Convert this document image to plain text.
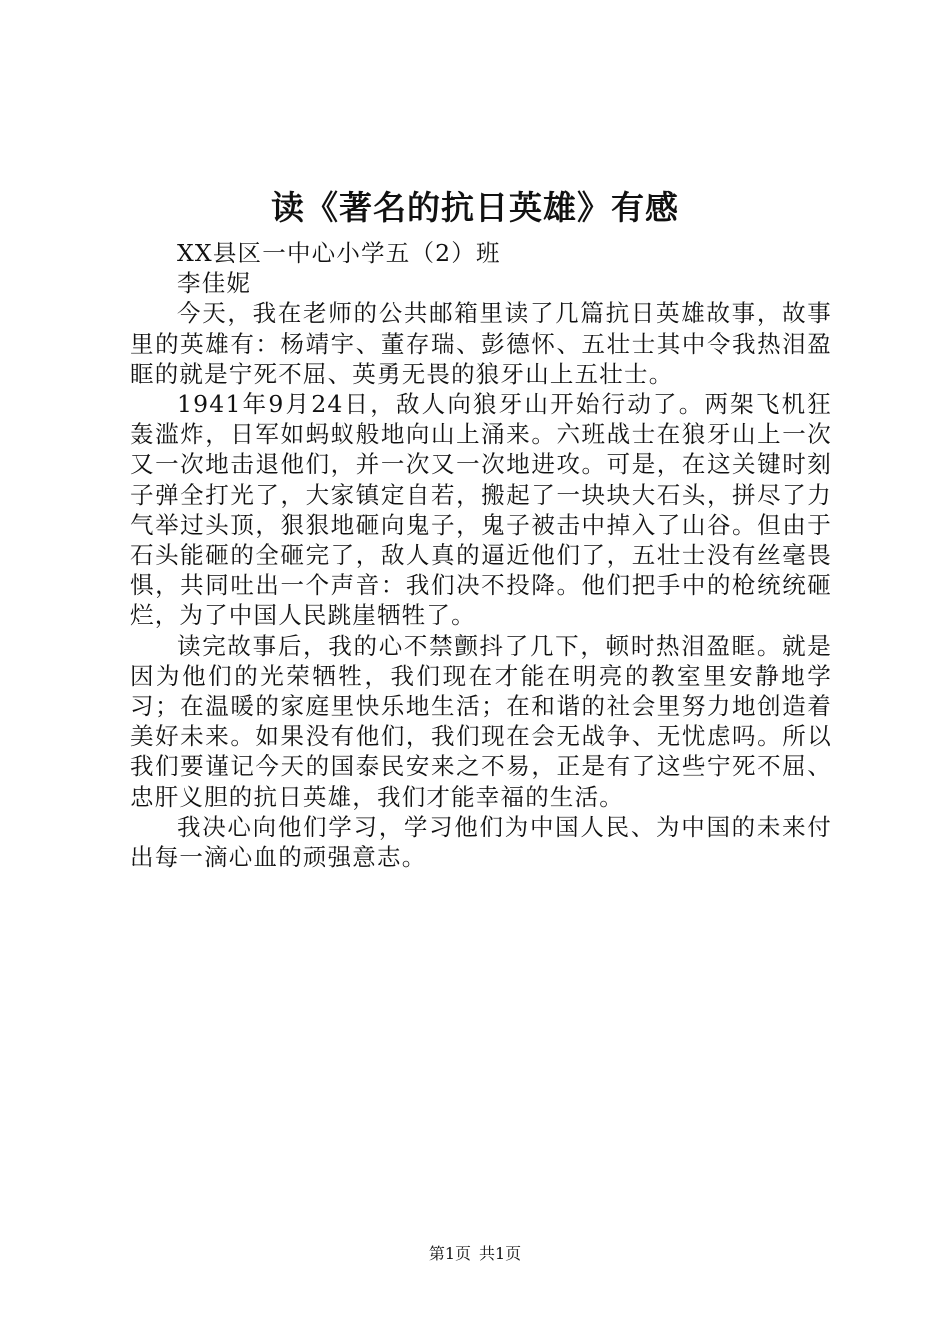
读《著名的抗日英雄》有感

XX县区一中心小学五（2）班

李佳妮

今天，我在老师的公共邮箱里读了几篇抗日英雄故事，故事里的英雄有：杨靖宇、董存瑞、彭德怀、五壮士其中令我热泪盈眶的就是宁死不屈、英勇无畏的狼牙山上五壮士。

1941年9月24日，敌人向狼牙山开始行动了。两架飞机狂轰滥炸，日军如蚂蚁般地向山上涌来。六班战士在狼牙山上一次又一次地击退他们，并一次又一次地进攻。可是，在这关键时刻子弹全打光了，大家镇定自若，搬起了一块块大石头，拼尽了力气举过头顶，狠狠地砸向鬼子，鬼子被击中掉入了山谷。但由于石头能砸的全砸完了，敌人真的逼近他们了，五壮士没有丝毫畏惧，共同吐出一个声音：我们决不投降。他们把手中的枪统统砸烂，为了中国人民跳崖牺牲了。

读完故事后，我的心不禁颤抖了几下，顿时热泪盈眶。就是因为他们的光荣牺牲，我们现在才能在明亮的教室里安静地学习；在温暖的家庭里快乐地生活；在和谐的社会里努力地创造着美好未来。如果没有他们，我们现在会无战争、无忧虑吗。所以我们要谨记今天的国泰民安来之不易，正是有了这些宁死不屈、忠肝义胆的抗日英雄，我们才能幸福的生活。

我决心向他们学习，学习他们为中国人民、为中国的未来付出每一滴心血的顽强意志。

第1页 共1页
